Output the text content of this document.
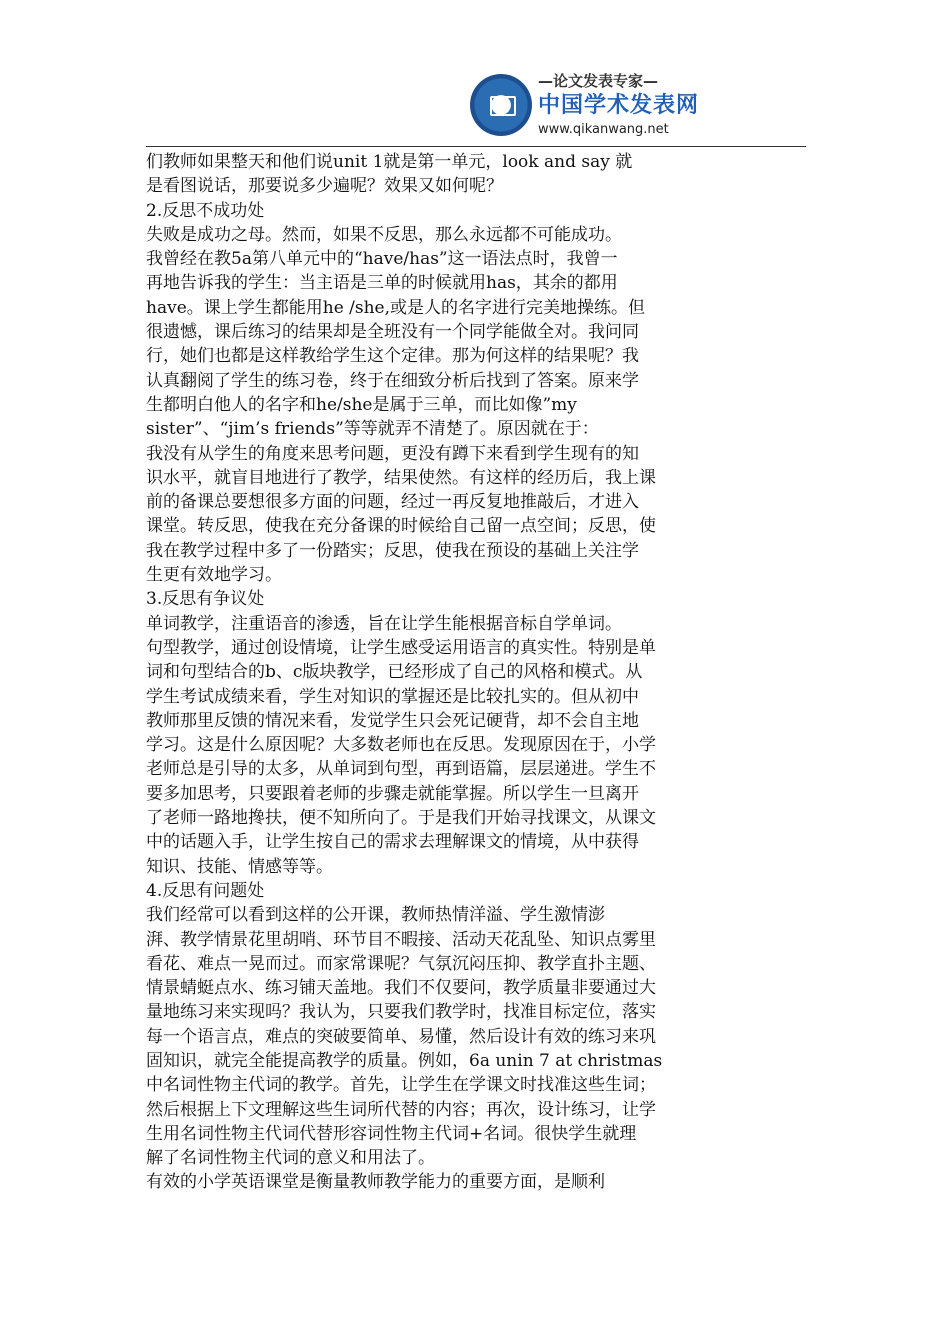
—论文发表专家—
中国学术发表网
www.qikanwang.net
们教师如果整天和他们说unit 1就是第一单元，look and say 就
是看图说话，那要说多少遍呢？效果又如何呢？
2.反思不成功处
失败是成功之母。然而，如果不反思，那么永远都不可能成功。
我曾经在教5a第八单元中的“have/has”这一语法点时，我曾一
再地告诉我的学生：当主语是三单的时候就用has，其余的都用
have。课上学生都能用he /she,或是人的名字进行完美地操练。但
很遗憾，课后练习的结果却是全班没有一个同学能做全对。我问同
行，她们也都是这样教给学生这个定律。那为何这样的结果呢？我
认真翻阅了学生的练习卷，终于在细致分析后找到了答案。原来学
生都明白他人的名字和he/she是属于三单，而比如像”my
sister”、“jim’s friends”等等就弄不清楚了。原因就在于：
我没有从学生的角度来思考问题，更没有蹲下来看到学生现有的知
识水平，就盲目地进行了教学，结果使然。有这样的经历后，我上课
前的备课总要想很多方面的问题，经过一再反复地推敲后，才进入
课堂。转反思，使我在充分备课的时候给自己留一点空间；反思，使
我在教学过程中多了一份踏实；反思，使我在预设的基础上关注学
生更有效地学习。
3.反思有争议处
单词教学，注重语音的渗透，旨在让学生能根据音标自学单词。
句型教学，通过创设情境，让学生感受运用语言的真实性。特别是单
词和句型结合的b、c版块教学，已经形成了自己的风格和模式。从
学生考试成绩来看，学生对知识的掌握还是比较扎实的。但从初中
教师那里反馈的情况来看，发觉学生只会死记硬背，却不会自主地
学习。这是什么原因呢？大多数老师也在反思。发现原因在于，小学
老师总是引导的太多，从单词到句型，再到语篇，层层递进。学生不
要多加思考，只要跟着老师的步骤走就能掌握。所以学生一旦离开
了老师一路地搀扶，便不知所向了。于是我们开始寻找课文，从课文
中的话题入手，让学生按自己的需求去理解课文的情境，从中获得
知识、技能、情感等等。
4.反思有问题处
我们经常可以看到这样的公开课，教师热情洋溢、学生激情澎
湃、教学情景花里胡哨、环节目不暇接、活动天花乱坠、知识点雾里
看花、难点一晃而过。而家常课呢？气氛沉闷压抑、教学直扑主题、
情景蜻蜓点水、练习铺天盖地。我们不仅要问，教学质量非要通过大
量地练习来实现吗？我认为，只要我们教学时，找准目标定位，落实
每一个语言点，难点的突破要简单、易懂，然后设计有效的练习来巩
固知识，就完全能提高教学的质量。例如，6a unin 7 at christmas
中名词性物主代词的教学。首先，让学生在学课文时找准这些生词；
然后根据上下文理解这些生词所代替的内容；再次，设计练习，让学
生用名词性物主代词代替形容词性物主代词+名词。很快学生就理
解了名词性物主代词的意义和用法了。
有效的小学英语课堂是衡量教师教学能力的重要方面，是顺利
